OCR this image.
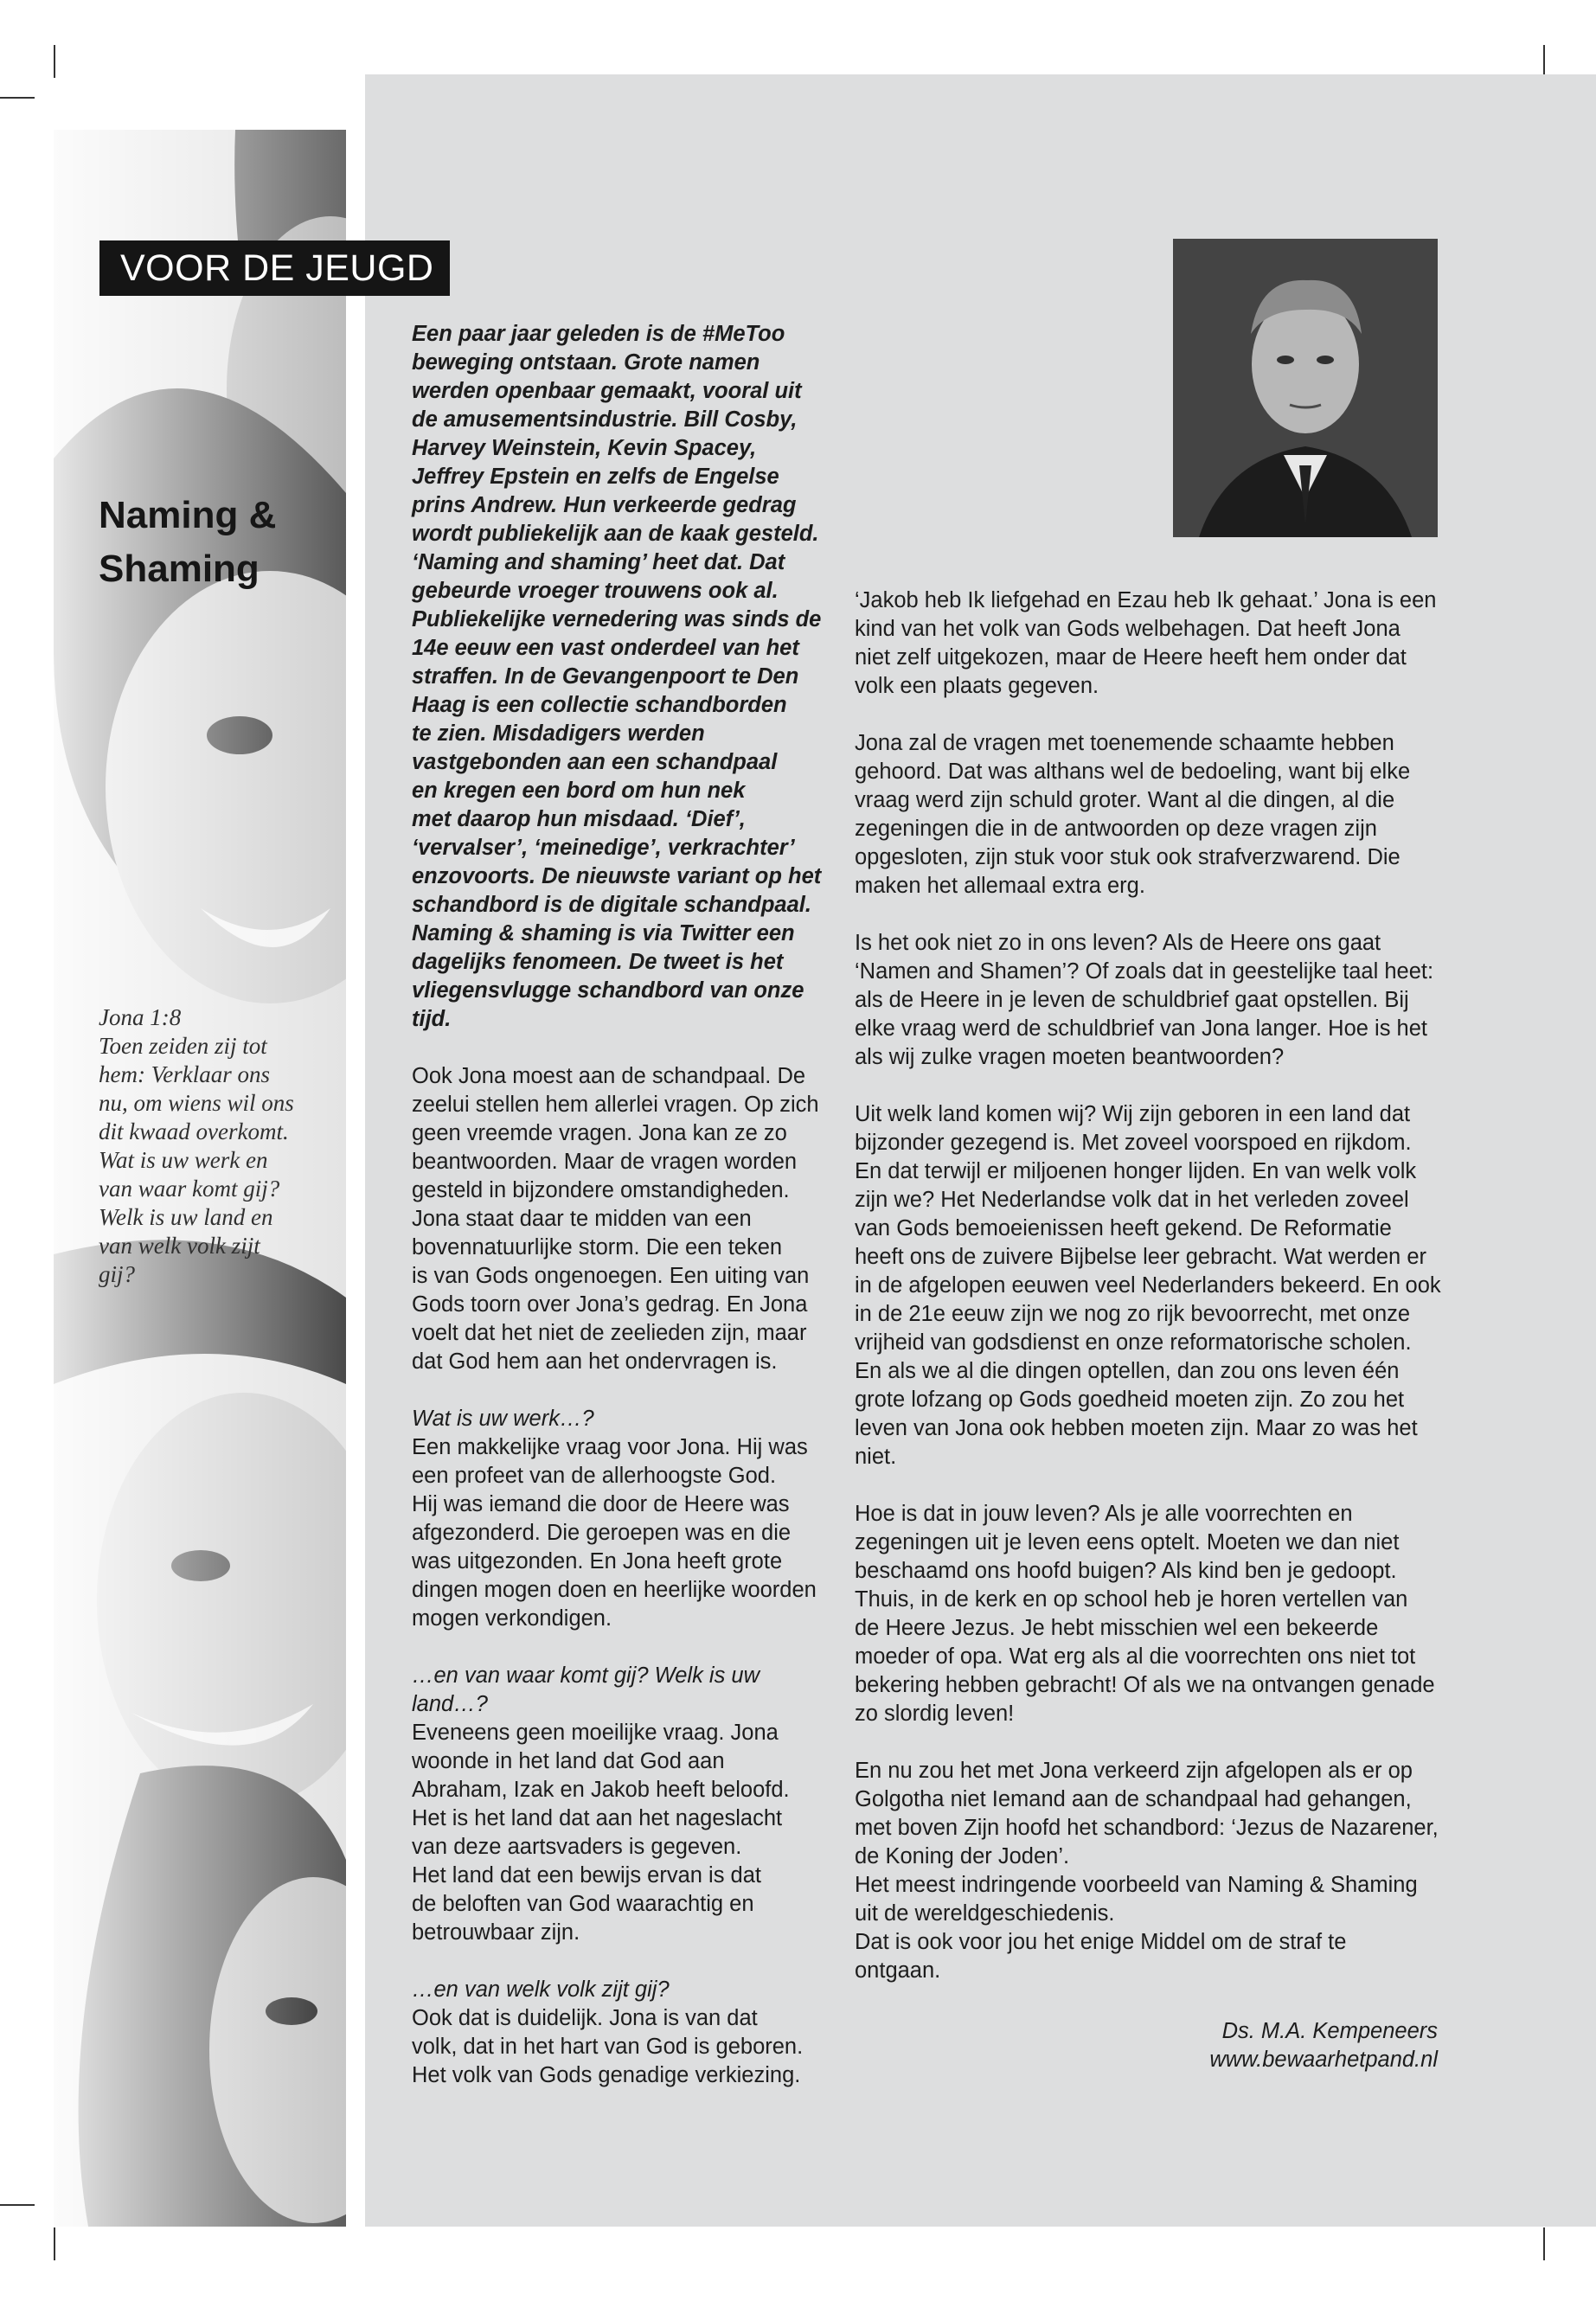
VOOR DE JEUGD
Naming &
Shaming
Jona 1:8
Toen zeiden zij tot
hem: Verklaar ons
nu, om wiens wil ons
dit kwaad overkomt.
Wat is uw werk en
van waar komt gij?
Welk is uw land en
van welk volk zijt
gij?

Een paar jaar geleden is de #MeToo
beweging ontstaan. Grote namen
werden openbaar gemaakt, vooral uit
de amusementsindustrie. Bill Cosby,
Harvey Weinstein, Kevin Spacey,
Jeffrey Epstein en zelfs de Engelse
prins Andrew. Hun verkeerde gedrag
wordt publiekelijk aan de kaak gesteld.
‘Naming and shaming’ heet dat. Dat
gebeurde vroeger trouwens ook al.
Publiekelijke vernedering was sinds de
14e eeuw een vast onderdeel van het
straffen. In de Gevangenpoort te Den
Haag is een collectie schandborden
te zien. Misdadigers werden
vastgebonden aan een schandpaal
en kregen een bord om hun nek
met daarop hun misdaad. ‘Dief’,
‘vervalser’, ‘meinedige’, verkrachter’
enzovoorts. De nieuwste variant op het
schandbord is de digitale schandpaal.
Naming & shaming is via Twitter een
dagelijks fenomeen. De tweet is het
vliegensvlugge schandbord van onze
tijd.

Ook Jona moest aan de schandpaal. De
zeelui stellen hem allerlei vragen. Op zich
geen vreemde vragen. Jona kan ze zo
beantwoorden. Maar de vragen worden
gesteld in bijzondere omstandigheden.
Jona staat daar te midden van een
bovennatuurlijke storm. Die een teken
is van Gods ongenoegen. Een uiting van
Gods toorn over Jona’s gedrag. En Jona
voelt dat het niet de zeelieden zijn, maar
dat God hem aan het ondervragen is.

Wat is uw werk…?
Een makkelijke vraag voor Jona. Hij was
een profeet van de allerhoogste God.
Hij was iemand die door de Heere was
afgezonderd. Die geroepen was en die
was uitgezonden. En Jona heeft grote
dingen mogen doen en heerlijke woorden
mogen verkondigen.

…en van waar komt gij? Welk is uw
land…?
Eveneens geen moeilijke vraag. Jona
woonde in het land dat God aan
Abraham, Izak en Jakob heeft beloofd.
Het is het land dat aan het nageslacht
van deze aartsvaders is gegeven.
Het land dat een bewijs ervan is dat
de beloften van God waarachtig en
betrouwbaar zijn.

…en van welk volk zijt gij?
Ook dat is duidelijk. Jona is van dat
volk, dat in het hart van God is geboren.
Het volk van Gods genadige verkiezing.

‘Jakob heb Ik liefgehad en Ezau heb Ik gehaat.’ Jona is een
kind van het volk van Gods welbehagen. Dat heeft Jona
niet zelf uitgekozen, maar de Heere heeft hem onder dat
volk een plaats gegeven.

Jona zal de vragen met toenemende schaamte hebben
gehoord. Dat was althans wel de bedoeling, want bij elke
vraag werd zijn schuld groter. Want al die dingen, al die
zegeningen die in de antwoorden op deze vragen zijn
opgesloten, zijn stuk voor stuk ook strafverzwarend. Die
maken het allemaal extra erg.

Is het ook niet zo in ons leven? Als de Heere ons gaat
‘Namen and Shamen’? Of zoals dat in geestelijke taal heet:
als de Heere in je leven de schuldbrief gaat opstellen. Bij
elke vraag werd de schuldbrief van Jona langer. Hoe is het
als wij zulke vragen moeten beantwoorden?

Uit welk land komen wij? Wij zijn geboren in een land dat
bijzonder gezegend is. Met zoveel voorspoed en rijkdom.
En dat terwijl er miljoenen honger lijden. En van welk volk
zijn we? Het Nederlandse volk dat in het verleden zoveel
van Gods bemoeienissen heeft gekend. De Reformatie
heeft ons de zuivere Bijbelse leer gebracht. Wat werden er
in de afgelopen eeuwen veel Nederlanders bekeerd. En ook
in de 21e eeuw zijn we nog zo rijk bevoorrecht, met onze
vrijheid van godsdienst en onze reformatorische scholen.
En als we al die dingen optellen, dan zou ons leven één
grote lofzang op Gods goedheid moeten zijn. Zo zou het
leven van Jona ook hebben moeten zijn. Maar zo was het
niet.

Hoe is dat in jouw leven? Als je alle voorrechten en
zegeningen uit je leven eens optelt. Moeten we dan niet
beschaamd ons hoofd buigen? Als kind ben je gedoopt.
Thuis, in de kerk en op school heb je horen vertellen van
de Heere Jezus. Je hebt misschien wel een bekeerde
moeder of opa. Wat erg als al die voorrechten ons niet tot
bekering hebben gebracht! Of als we na ontvangen genade
zo slordig leven!

En nu zou het met Jona verkeerd zijn afgelopen als er op
Golgotha niet Iemand aan de schandpaal had gehangen,
met boven Zijn hoofd het schandbord: ‘Jezus de Nazarener,
de Koning der Joden’.
Het meest indringende voorbeeld van Naming & Shaming
uit de wereldgeschiedenis.
Dat is ook voor jou het enige Middel om de straf te
ontgaan.

Ds. M.A. Kempeneers
www.bewaarhetpand.nl
